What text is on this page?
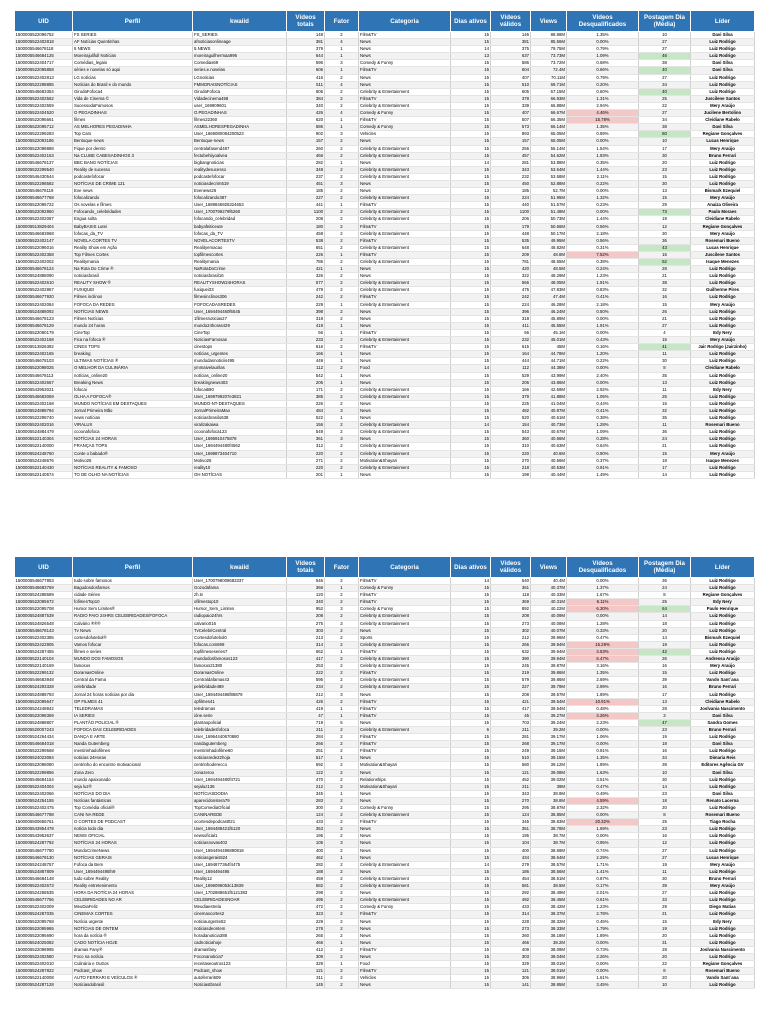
UID	Perfil	kwaiid	Vídeos totais	Fator	Categoria	Dias ativos	Vídeos válidos	Views	Vídeos Desqualificados	Postagem Dia (Média)	Líder
1500005522096752	FS SERIES	FS_SERIES	148	2	Film&TV	15	146	88.88M	1.35%	10	Davi Silva
1500005522402818	AF Notícias Quentinhas	afnoticiasonlineage	381	4	News	15	381	85.56M	0.00%	27	Luiz Rodrigo
1500005546678118	5 NEWS	5.NEWS	379	1	News	14	375	79.75M	0.79%	27	Luiz Rodrigo
1500005546684125	Moreirajulifull Notícias	moreiraguilhermaa996	644	1	News	13	637	73.73M	1.09%	46	Luiz Rodrigo
1500005522404717	Comédias_legais	Comedias69	596	3	Comedy & Funny	15	586	73.72M	0.68%	38	Davi Silva
1500005522095858	séries e novelas só aqui	series.e.novelas	606	1	Film&TV	15	604	72.4M	0.66%	40	Davi Silva
1500005522402813	LG notícias	LGnoticias	416	2	News	15	407	70.11M	0.79%	27	Luiz Rodrigo
1500005522298885	Notícias do Brasil e do mundo	FMMORAISNOTÍCIAS	511	4	News	15	510	69.71M	0.20%	34	Luiz Rodrigo
1500005546683354	GirodaFofoca4	GirodaFofoca	606	2	Celebrity & Entertainment	15	605	67.15M	0.60%	40	Luiz Rodrigo
1500005522402562	Vida de Cinema ©	Vidadecinema458	384	2	Film&TV	15	378	66.93M	1.31%	25	Juscilene Santos
1500005522402559	SucessodaFamosos	user_169909601	340	2	Celebrity & Entertainment	15	339	66.88M	2.94%	22	Mery Araújo
1500005522404520	O PEGADINHAS	O.PEGADINHAS	426	4	Comedy & Funny	15	407	66.67M	4.46%	27	Jucilene Bertolino
1500005522095661	filmes	filmes22360	620	1	Film&TV	15	507	66.35M	15.78%	34	Cleidiane Rabelo
1500005522095712	AS MELHORES PEGADINHA	ASMELHORESPEGADINHA	586	1	Comedy & Funny	15	573	66.14M	1.35%	38	Davi Silva
1500005522299283	Top Cars	User_1669080084200523	902	3	Vehicles	15	893	65.05M	0.89%	60	Regiane Gonçalves
1500005522093186	Bentoque-news	Bentoque-news	157	2	News	15	157	65.05M	0.00%	10	Lucas Henrique
1500005522098888	Fique por dentro	centralafasend487	260	2	Celebrity & Entertainment	15	256	55.14M	1.54%	17	Mery Araújo
1500005522402163	Na CLUBE CABESADINHOS 3	fectubehiiyoalvea	466	2	Celebrity & Entertainment	15	457	54.62M	1.93%	30	Bruno Ferrari
1500005546678137	BBC BANG NOTÍCIAS	bigbangnoticias	282	1	News	14	281	53.88M	0.35%	20	Luiz Rodrigo
1500005522299540	Reality de sucesso	realitydesucesso	348	2	Celebrity & Entertainment	15	343	53.64M	1.44%	23	Luiz Rodrigo
1500005546430544	podcastefofocar	podcastefofocar	237	2	Celebrity & Entertainment	15	232	53.58M	2.11%	15	Luiz Rodrigo
1500005522298582	NOTÍCIAS DE CRIME 121	noticiasdecrim519	451	3	News	15	450	52.88M	0.22%	30	Luiz Rodrigo
1500005546678119	Eve news	Evenews26	185	2	News	13	185	52.7M	0.00%	13	Bismark Ezequiel
1500005546677768	fofocalizando	fofocalizando387	227	2	Celebrity & Entertainment	15	224	51.95M	1.32%	15	Mery Araújo
1500005522095722	Os novelas e filmes	User_1689846925324653	441	1	Film&TV	15	440	51.57M	0.23%	29	Anaiza Oliveira
1500005522092860	Fofocando_celebridades	User_1700799279f6260	1100	2	Celebrity & Entertainment	15	1100	51.48M	0.00%	73	Paulo Moraes
1500005522402087	Engua solta	fofocando_celebridad	208	2	Celebrity & Entertainment	15	206	50.73M	1.44%	19	Cleidiane Rabelo
1500005513829404	BabyBASIS Lutei	babyafeiticeute	180	2	Film&TV	15	179	50.66M	0.56%	12	Regiane Gonçalves
1500005546683968	fofocas_da_TV	fofocas_da_TV	458	2	Celebrity & Entertainment	15	448	50.17M	2.18%	30	Mery Araújo
1500005522402147	NOVELA CORTES TV	NOVELACORTESTV	538	2	Film&TV	15	535	49.95M	0.56%	36	Rosemari Bueno
1500005522096016	Reality Show em Ação	Realityemacao	651	2	Celebrity & Entertainment	15	648	48.82M	0.31%	43	Lucas Henrique
1500005522402358	Top Filmes Cortes	topfilmescortes	226	1	Film&TV	15	209	48.8M	7.52%	15	Juscilene Santos
1500005522402002	Realitymania	Realitymania	786	2	Celebrity & Entertainment	15	781	48.55M	0.38%	52	Isaque Menezes
1500005546678124	Na Rota Do Crime ®	NaRotaDoCrime	421	1	News	15	420	48.5M	0.24%	28	Luiz Rodrigo
1500005524888090	noticiasbrasil	noticiasbrasil16	326	2	News	15	322	48.29M	1.23%	21	Luiz Rodrigo
1500005522402610	REALITY SHOW ®	REALITYSHOW24HORAS	577	2	Celebrity & Entertainment	15	566	48.05M	1.91%	38	Luiz Rodrigo
1500005522402867	FUXIQUEI	fuxiquei33	479	2	Celebrity & Entertainment	15	475	47.83M	0.83%	32	Guilherme Pires
1500005546677920	Filmes inclinos	filmesinclinos306	242	2	Film&TV	15	242	47.4M	0.41%	16	Luiz Rodrigo
1500005522402084	FOFOCA DA REDES	FOFOCADASREDES	229	1	Celebrity & Entertainment	15	224	46.28M	2.18%	15	Mery Araújo
1500005524888092	NOTÍCIAS NEWS	User_1694494460f6545	398	2	News	15	396	46.24M	0.50%	26	Luiz Rodrigo
1500005546678123	Filmes Notícias	1filmesnoticias27	318	2	News	15	318	45.89M	0.00%	21	Luiz Rodrigo
1500005546678129	mundo 24 horas	mundo24horas429	419	1	News	15	411	45.55M	1.91%	27	Luiz Rodrigo
1500005522090179	CineTop	CineTop	56	1	Film&TV	15	56	45.1M	0.00%	4	Edy Nery
1500005522402168	Fica na fofoca ®	NoticiasFamosas	233	2	Celebrity & Entertainment	15	232	45.01M	0.43%	15	Mery Araújo
1500005513826392	CINES TOPS	cinestops	616	2	Film&TV	15	615	45M	0.16%	41	Jair Rodrigo (Jairzinho)
1500005522402165	breaking	notícias_urgentes	166	1	News	15	164	44.78M	1.20%	11	Luiz Rodrigo
1500005546678103	ULTIMAS NOTÍCIAS ®	mundodasnoticiis495	449	1	News	15	444	44.71M	0.22%	30	Luiz Rodrigo
1500005522098025	O MELHOR DA CULINÁRIA	ymmaivelaurilas	112	2	Food	14	112	44.38M	0.00%	8	Cleidiane Rabelo
1500005546678113	notícias_online20	notícias_online20	542	1	News	15	529	43.99M	2.40%	35	Luiz Rodrigo
1500005522402667	Breaking News	breakingnews403	206	1	News	15	206	43.86M	0.00%	13	Luiz Rodrigo
1500005543953021	fofocai	fofocai690	171	2	Celebrity & Entertainment	15	166	42.59M	2.92%	11	Edy Nery
1500005546683069	OLHA A FOFOCA®	User_1699799207e3821	385	2	Celebrity & Entertainment	15	379	41.88M	1.05%	25	Luiz Rodrigo
1500005522402168	MUNDO NOTÍCIAS EM DESTAQUES	MUNDO-NT-DESTAQUES	226	2	News	15	225	41.04M	0.44%	15	Luiz Rodrigo
1500005524888794	Jornal Primeira Mão	JornalPrimeiraMao	484	3	News	15	482	40.87M	0.41%	32	Luiz Rodrigo
1500005522298740	news notícias	noticiasbrasilo638	522	1	News	15	520	40.61M	0.38%	35	Luiz Rodrigo
1500005522402016	VIRALUX	viralizakaiwa	156	2	Celebrity & Entertainment	14	154	40.73M	1.28%	11	Rosemari Bueno
1500005524884479	ccoonafofoca	ccoonafofoca123	549	2	Celebrity & Entertainment	15	543	40.67M	1.09%	36	Luiz Rodrigo
1500005522140304	NOTÍCIAS 24 HORAS	User_1696910475878	361	3	News	15	360	40.66M	0.28%	24	Luiz Rodrigo
1500005522140000	FRANÇAS TOPS	User_1694494480f4562	312	2	Celebrity & Entertainment	15	310	40.63M	0.64%	21	Luiz Rodrigo
1500005524248760	Conte o babado®	User_1698873404710	220	2	Celebrity & Entertainment	15	220	40.6M	0.90%	15	Mery Araújo
1500005524248676	Motivo25	Motivo25	271	2	Motivation&Shayari	15	270	40.56M	0.37%	18	Isaque Menezes
1500005522140430	NOTÍCIAS REALITY & FAMOSO	reality10	220	2	Celebrity & Entertainment	15	218	40.53M	0.91%	17	Luiz Rodrigo
1500005522140574	TO DE OLHO NA NOTÍCIAS	OH NOTÍCIAS	201	1	News	15	198	40.44M	1.49%	14	Luiz Rodrigo
UID	Perfil	kwaiid	Vídeos totais	Fator	Categoria	Dias ativos	Vídeos válidos	Views	Vídeos Desqualificados	Postagem Dia (Média)	Líder
1500005546677853	tudo sobre famosos	User_1700798008683337	546	2	Film&TV	14	540	40.4M	0.00%	36	Luiz Rodrigo
1500005546683769	Bagudosdosfamos	Gozodafama	366	1	Comedy & Funny	15	361	40.37M	1.37%	24	Luiz Rodrigo
1500005524288689	cidade Séries	zh.tv	120	2	Film&TV	15	118	40.33M	1.67%	8	Regiane Gonçalves
1500005522095672	fofimesTop10	ofilmestop10	340	2	Film&TV	15	369	40.31M	6.11%	25	Edy Nery
1500005522095708	Humor Sem Limites®	Humor_Sem_Limites	952	3	Comedy & Funny	15	892	40.22M	6.30%	64	Paulo Henrique
1500005524887539	RADIO PAIO 24HRS CELEBRIDADES/FOFOCA	radiopaio24hrs	208	2	Celebrity & Entertainment	15	208	40.09M	0.00%	14	Luiz Rodrigo
1500005524826548	Calvário ®®®	calvario016	275	3	Celebrity & Entertainment	15	273	40.08M	1.28%	18	Luiz Rodrigo
1500005546678143	Tv News	TvCelebriCentral	303	2	News	15	302	40.07M	0.33%	20	Luiz Rodrigo
1500005522402385	cortesdofutebol®	Cortesdofutebol0	213	2	Sports	15	212	39.96M	0.47%	14	Bismark Ezequiel
1500005522422905	Vamos fofocar	fofocas.com699	314	2	Celebrity & Entertainment	15	266	39.94M	15.29%	19	Luiz Rodrigo
1500005524287455	filmes e series	topfilmeseseries7	662	1	Film&TV	15	632	39.94M	4.53%	42	Luiz Rodrigo
1500005522140104	MUNDO DOS FAMOSOS	mundodosfamosos123	417	2	Celebrity & Entertainment	15	390	39.94M	6.47%	26	Andressa Araújo
1500005522140169	famosos	famosos21380	253	2	Celebrity & Entertainment	15	245	39.87M	3.16%	16	Mery Araújo
1500005522299132	DoramasOnline	DoramasOnline	222	2	Film&TV	15	219	39.86M	1.35%	15	Luiz Rodrigo
1500005546683948	Central da Fama	Centraldafamas43	595	2	Celebrity & Entertainment	15	579	39.86M	2.69%	39	Vando Sant´ana
1500005524293328	celebridade	pelebridade489	234	2	Celebrity & Entertainment	15	227	39.79M	2.99%	16	Bruno Ferrari
1500005524888793	Jornal 24 horas notícias por dia	User_1694494486f88879	212	3	News	15	208	39.57M	1.89%	17	Luiz Rodrigo
1500005522095647	OP FILMES 41	opfilmes41	426	2	Film&TV	15	421	39.54M	10.91%	13	Cleidiane Rabelo
1500005524248842	TELEDRAMAS	teledramas	419	1	Film&TV	15	417	39.54M	0.48%	28	Joslvania Nascimento
1500005522098369	IA SERIES	ióne.serie	47	1	Film&TV	15	45	39.27M	4.26%	3	Davi Silva
1500005524888807	PLANTÃO POLICIAL ®	plantaopolicial	719	5	News	15	703	39.24M	2.23%	47	Sandra Gomes
1500005520007243	FOFOCA DAS CELEBRIDADES	telebridadesfofoca	211	2	Celebrity & Entertainment	6	211	39.2M	0.00%	23	Bruno Ferrari
1500005524264434	DANÇA E ARTE	User_16964440670880	284	2	Film&TV	15	281	39.17M	1.06%	19	Luiz Rodrigo
1500005546684018	Nanda Gutemberg	nandagutemberg	266	2	Film&TV	15	268	39.17M	0.00%	18	Davi Silva
1500005522299568	mentirinhadofilmes	mentirinhadofilme60	251	2	Film&TV	15	249	39.15M	0.81%	16	Luiz Rodrigo
1500005524023084	noticias 24Horas	noticiasrede22hoja	517	1	News	15	510	39.15M	1.35%	34	Dimaria Reis
1500005522098080	centrinho do encontro motivacional	centrinhoderecco	592	2	Motivation&Shayari	15	580	39.12M	1.89%	39	Editores Agência GV
1500005522299856	Zona Zero	zonazeroo	122	2	News	15	121	39.08M	1.63%	10	Davi Silva
1500005546684154	mundo apaixonado	User_1694494480f4721	470	2	Relationships	15	452	39.02M	3.51%	30	Luiz Rodrigo
1500005522404004	seja luz®	sejaluz136	212	2	Motivation&Shayari	15	211	39M	0.47%	14	Luiz Rodrigo
1500005522402066	NOTÍCIAS DO DIA	NOTÍCIASDODIA	345	1	News	15	343	38.9M	0.49%	23	Davi Silva
1500005524254155	Notícias fantásticas	aparecidonstera79	283	2	News	15	270	38.8M	4.59%	18	Renato Lacerna
1500005522402475	Top Comédia oficial®	TopComediaOficial	300	2	Comedy & Funny	15	295	38.87M	2.32%	20	Luiz Rodrigo
1500005546677788	CANI NA REDE	CANINAREDE	124	2	Celebrity & Entertainment	15	124	38.85M	0.00%	8	Rosemari Bueno
1500005500656761	O CORTES DE PODCAST	ocortesdepodcast021	433	2	Film&TV	15	345	38.83M	20.32%	25	Tiago Rocha
1500005543954478	notícia todo dia	User_1694488421f6120	353	2	News	15	351	38.78M	1.69%	23	Luiz Rodrigo
1500005543953637	NEWS OFICIAL	newsoficial1	195	2	News	15	195	38.7M	0.00%	16	Luiz Rodrigo
1500005524287792	NOTÍCIAS 24 HORAS	noticiasnovas402	105	3	News	15	104	38.7M	0.95%	12	Luiz Rodrigo
1500005546677780	MundoCrimeNews	User_1694494496890818	400	2	News	15	400	38.69M	0.74%	27	Luiz Rodrigo
1500005546678130	NOTÍCIAS GERAIS	noticiasgerais524	462	1	News	15	434	38.64M	2.29%	27	Lucas Henrique
1500005524248757	Fofoca da Bem	User_1694877364f4475	282	2	Celebrity & Entertainment	14	279	38.57M	1.71%	19	Mery Araújo
1500005524887809	User_1694494495fn9	User_1694494495	188	2	News	15	186	38.56M	1.41%	11	Luiz Rodrigo
1500005546684148	tudo sobre Reality	Reality12	459	2	Celebrity & Entertainment	15	454	38.51M	0.87%	30	Bruno Ferrari
1500005522402673	Reality entretenimento	User_1696096053c13839	582	2	Celebrity & Entertainment	15	581	38.5M	0.17%	39	Mery Araújo
1500005524258535	HORA DA NOTÍCIA 24 HORAS	User_1702888651f5121383	298	2	News	15	292	38.49M	2.01%	27	Luiz Rodrigo
1500005546677756	CELEBRIDADES NO AR	CELEBRIDADESNOAR	495	2	Celebrity & Entertainment	15	492	38.45M	0.61%	33	Luiz Rodrigo
1500005522402009	MeuDiaFeliz	Meudiaestrela	472	2	Comedy & Funny	15	433	38.42M	1.23%	29	Diego Matias
1500005524287035	CINEMAX CORTES	cinemaxcortes2	323	2	Film&TV	15	314	38.37M	2.78%	21	Luiz Rodrigo
1500005522095768	Notícia urgente	noticiaurgente52	229	2	News	15	228	38.32M	0.45%	15	Edy Nery
1500005522095965	NOTÍCIAS DE ONTEM	noticiasdeontem	278	2	News	15	273	38.33M	1.79%	19	Luiz Rodrigo
1500005522095690	hora da notícia ®	horadanoticia388	265	2	News	15	260	38.18M	1.89%	20	Luiz Rodrigo
1500005524025082	CADO NOTÍCIA HOJE	cadnoticiahoje	466	1	News	15	466	38.2M	0.00%	31	Luiz Rodrigo
1500005522098995	dramas Fany®	dramasfany	412	2	Film&TV	15	409	38.09M	0.73%	28	Joslvania Nascimento
1500005522402580	Foco na notícia	Foconanoticia7	309	2	News	15	303	38.04M	2.26%	20	Luiz Rodrigo
1500005522402010	Culinária e Outros	receitaseoutros123	329	1	Food	15	329	38.01M	0.00%	22	Regiane Gonçalves
1500005524287822	Podcast_show	Podcast_show	121	2	Film&TV	15	121	38.01M	0.00%	8	Rosemari Bueno
1500005522140008	AUTO FERRARI E VEÍCULOS ®	autoferrari609	311	2	Vehicles	15	306	38.96M	1.61%	20	Vando Sant´ana
1500005524287128	Noticiasdobrasil	Noticiastbrasil	145	2	News	15	141	38.95M	3.45%	10	Luiz Rodrigo
